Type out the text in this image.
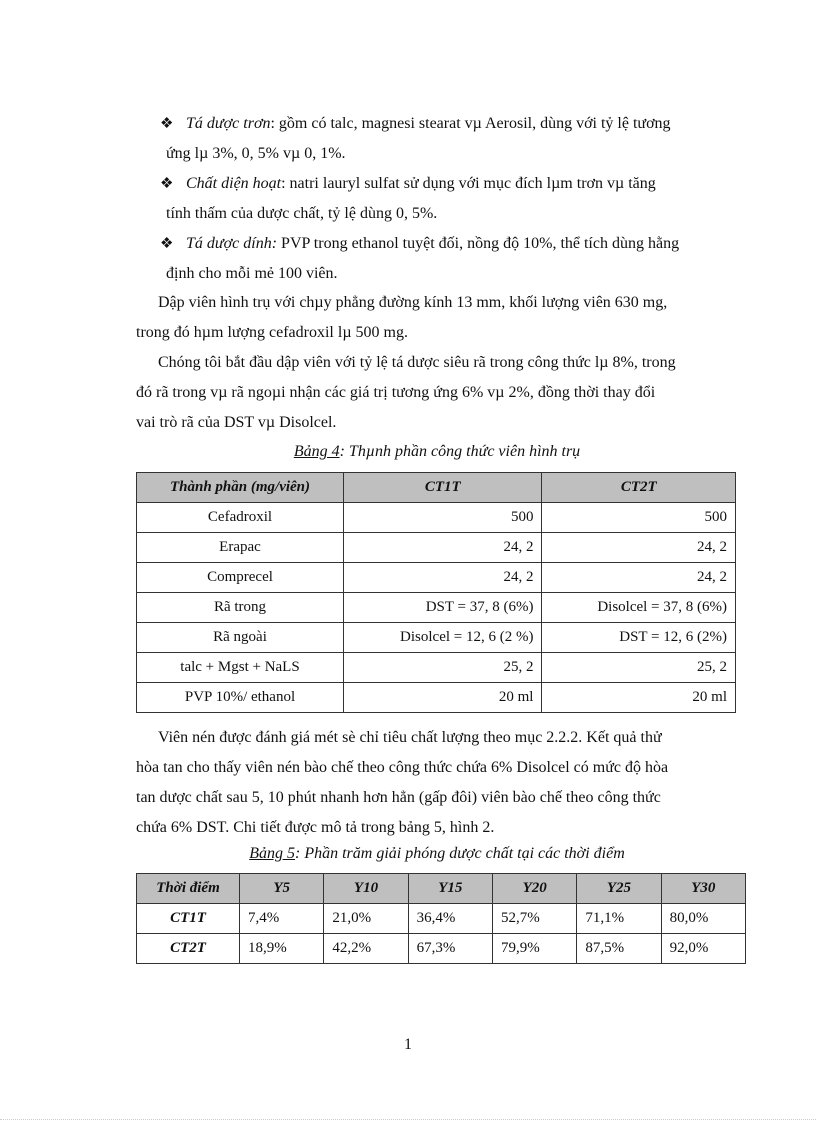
❖ Tá dược trơn: gồm có talc, magnesi stearat vµ Aerosil, dùng với tỷ lệ tương
ứng lµ 3%, 0, 5% vµ 0, 1%.
❖ Chất diện hoạt: natri lauryl sulfat sử dụng với mục đích lµm trơn vµ tăng
tính thấm của dược chất, tỷ lệ dùng 0, 5%.
❖ Tá dược dính: PVP trong ethanol tuyệt đối, nồng độ 10%, thể tích dùng hằng
định cho mỗi mẻ 100 viên.
Dập viên hình trụ với chµy phẳng đường kính 13 mm, khối lượng viên 630 mg,
trong đó hµm lượng cefadroxil lµ 500 mg.
Chóng tôi bắt đầu dập viên với tỷ lệ tá dược siêu rã trong công thức lµ 8%, trong
đó rã trong vµ rã ngoµi nhận các giá trị tương ứng 6% vµ 2%, đồng thời thay đổi
vai trò rã của DST vµ Disolcel.
Bảng 4: Thµnh phần công thức viên hình trụ
Thành phần (mg/viên)	CT1T	CT2T
Cefadroxil	500	500
Erapac	24, 2	24, 2
Comprecel	24, 2	24, 2
Rã trong	DST = 37, 8 (6%)	Disolcel = 37, 8 (6%)
Rã ngoài	Disolcel = 12, 6 (2 %)	DST = 12, 6 (2%)
talc + Mgst + NaLS	25, 2	25, 2
PVP 10%/ ethanol	20 ml	20 ml
Viên nén được đánh giá mét sè chỉ tiêu chất lượng theo mục 2.2.2. Kết quả thử
hòa tan cho thấy viên nén bào chế theo công thức chứa 6% Disolcel có mức độ hòa
tan dược chất sau 5, 10 phút nhanh hơn hẳn (gấp đôi) viên bào chế theo công thức
chứa 6% DST. Chi tiết được mô tả trong bảng 5, hình 2.
Bảng 5: Phần trăm giải phóng dược chất tại các thời điểm
Thời điểm	Y5	Y10	Y15	Y20	Y25	Y30
CT1T	7,4%	21,0%	36,4%	52,7%	71,1%	80,0%
CT2T	18,9%	42,2%	67,3%	79,9%	87,5%	92,0%
1
